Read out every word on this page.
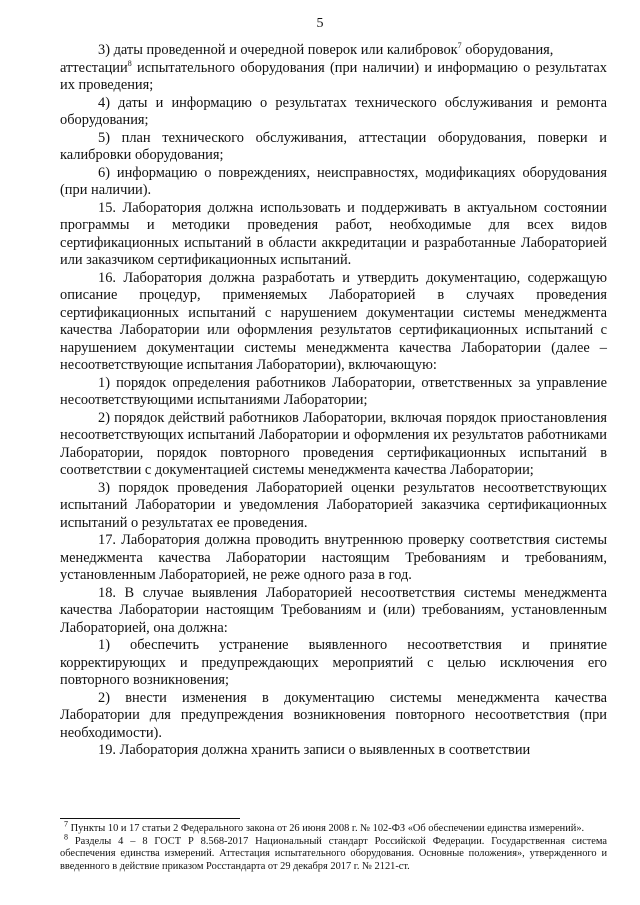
5

3) даты проведенной и очередной поверок или калибровок$^7$ оборудования,

аттестации$^8$ испытательного оборудования (при наличии) и информацию о результатах их проведения;

4) даты и информацию о результатах технического обслуживания и ремонта оборудования;

5) план технического обслуживания, аттестации оборудования, поверки и калибровки оборудования;

6) информацию о повреждениях, неисправностях, модификациях оборудования (при наличии).

15. Лаборатория должна использовать и поддерживать в актуальном состоянии программы и методики проведения работ, необходимые для всех видов сертификационных испытаний в области аккредитации и разработанные Лабораторией или заказчиком сертификационных испытаний.

16. Лаборатория должна разработать и утвердить документацию, содержащую описание процедур, применяемых Лабораторией в случаях проведения сертификационных испытаний с нарушением документации системы менеджмента качества Лаборатории или оформления результатов сертификационных испытаний с нарушением документации системы менеджмента качества Лаборатории (далее – несоответствующие испытания Лаборатории), включающую:

1) порядок определения работников Лаборатории, ответственных за управление несоответствующими испытаниями Лаборатории;

2) порядок действий работников Лаборатории, включая порядок приостановления несоответствующих испытаний Лаборатории и оформления их результатов работниками Лаборатории, порядок повторного проведения сертификационных испытаний в соответствии с документацией системы менеджмента качества Лаборатории;

3) порядок проведения Лабораторией оценки результатов несоответствующих испытаний Лаборатории и уведомления Лабораторией заказчика сертификационных испытаний о результатах ее проведения.

17. Лаборатория должна проводить внутреннюю проверку соответствия системы менеджмента качества Лаборатории настоящим Требованиям и требованиям, установленным Лабораторией, не реже одного раза в год.

18. В случае выявления Лабораторией несоответствия системы менеджмента качества Лаборатории настоящим Требованиям и (или) требованиям, установленным Лабораторией, она должна:

1) обеспечить устранение выявленного несоответствия и принятие корректирующих и предупреждающих мероприятий с целью исключения его повторного возникновения;

2) внести изменения в документацию системы менеджмента качества Лаборатории для предупреждения возникновения повторного несоответствия (при необходимости).

19. Лаборатория должна хранить записи о выявленных в соответствии

$^7$ Пункты 10 и 17 статьи 2 Федерального закона от 26 июня 2008 г. № 102-ФЗ «Об обеспечении единства измерений».

$^8$ Разделы 4 – 8 ГОСТ Р 8.568-2017 Национальный стандарт Российской Федерации. Государственная система обеспечения единства измерений. Аттестация испытательного оборудования. Основные положения», утвержденного и введенного в действие приказом Росстандарта от 29 декабря 2017 г. № 2121-ст.
